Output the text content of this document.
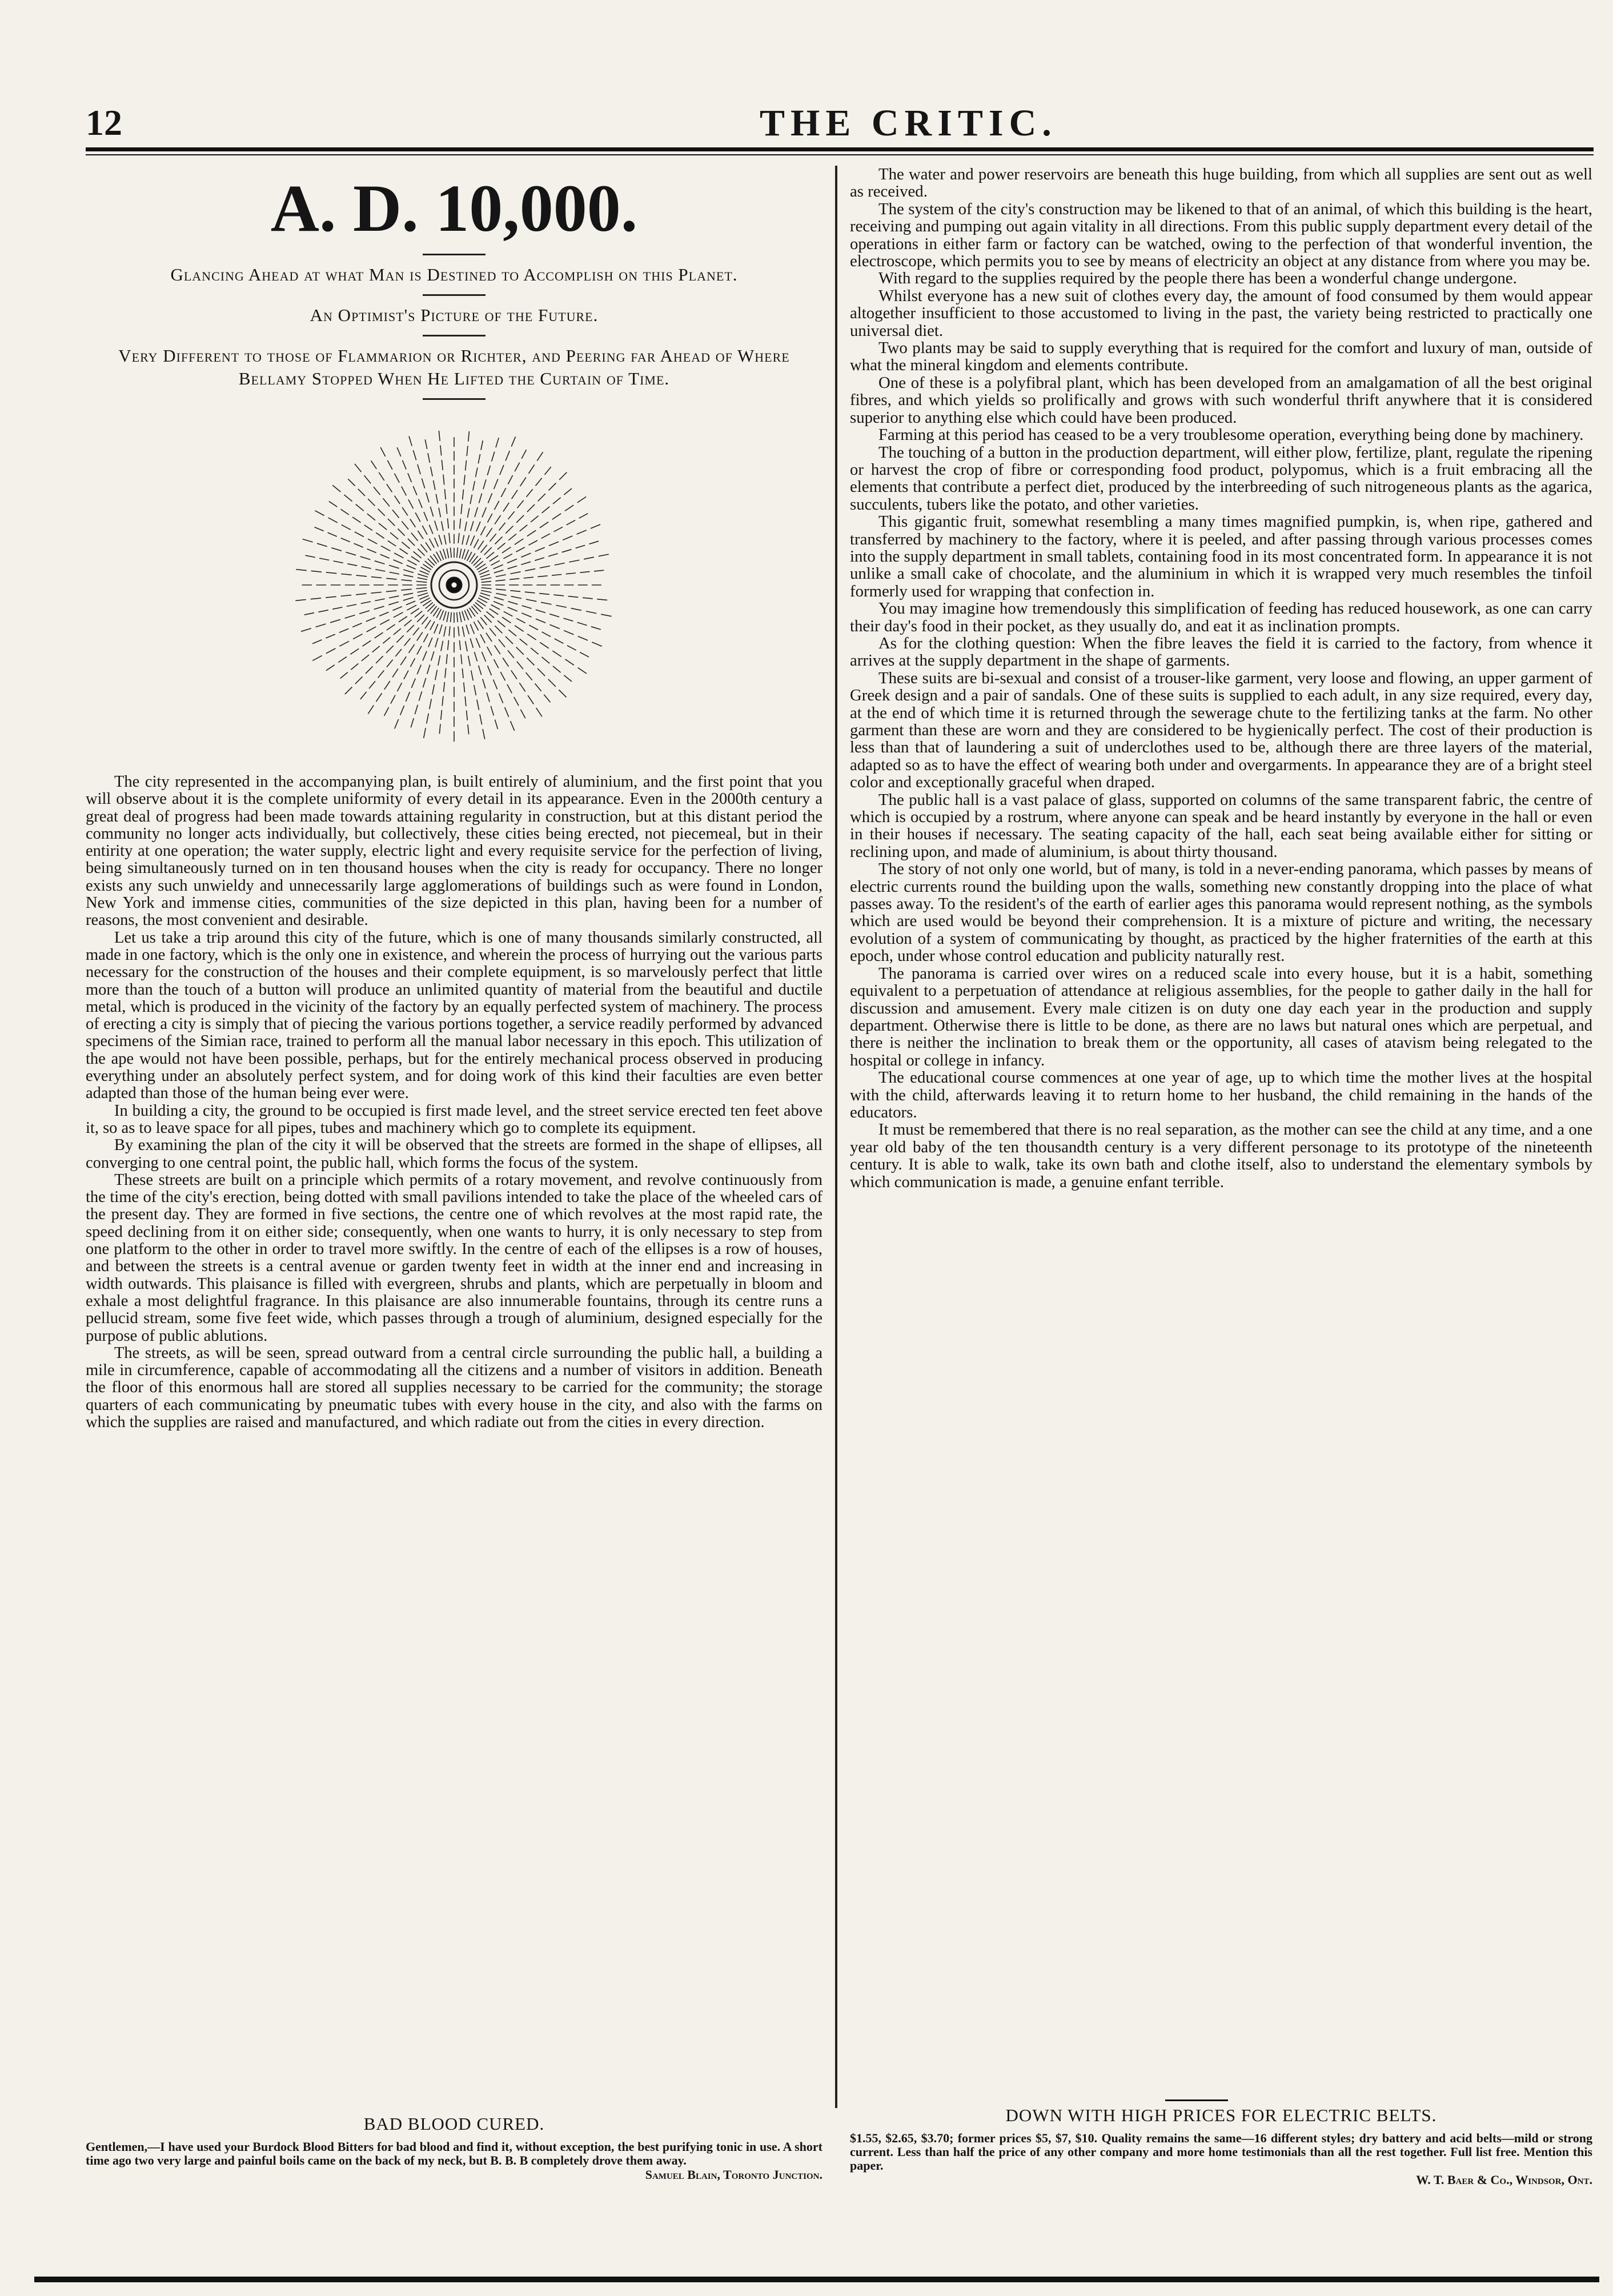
12	THE CRITIC.
A. D. 10,000.

Glancing Ahead at what Man is Destined to Accomplish on this Planet.

An Optimist's Picture of the Future.

Very Different to those of Flammarion or Richter, and Peering far Ahead of Where Bellamy Stopped When He Lifted the Curtain of Time.

The city represented in the accompanying plan, is built entirely of aluminium, and the first point that you will observe about it is the complete uniformity of every detail in its appearance. Even in the 2000th century a great deal of progress had been made towards attaining regularity in construction, but at this distant period the community no longer acts individually, but collectively, these cities being erected, not piecemeal, but in their entirity at one operation; the water supply, electric light and every requisite service for the perfection of living, being simultaneously turned on in ten thousand houses when the city is ready for occupancy. There no longer exists any such unwieldy and unnecessarily large agglomerations of buildings such as were found in London, New York and immense cities, communities of the size depicted in this plan, having been for a number of reasons, the most convenient and desirable.

Let us take a trip around this city of the future, which is one of many thousands similarly constructed, all made in one factory, which is the only one in existence, and wherein the process of hurrying out the various parts necessary for the construction of the houses and their complete equipment, is so marvelously perfect that little more than the touch of a button will produce an unlimited quantity of material from the beautiful and ductile metal, which is produced in the vicinity of the factory by an equally perfected system of machinery. The process of erecting a city is simply that of piecing the various portions together, a service readily performed by advanced specimens of the Simian race, trained to perform all the manual labor necessary in this epoch. This utilization of the ape would not have been possible, perhaps, but for the entirely mechanical process observed in producing everything under an absolutely perfect system, and for doing work of this kind their faculties are even better adapted than those of the human being ever were.

In building a city, the ground to be occupied is first made level, and the street service erected ten feet above it, so as to leave space for all pipes, tubes and machinery which go to complete its equipment.

By examining the plan of the city it will be observed that the streets are formed in the shape of ellipses, all converging to one central point, the public hall, which forms the focus of the system.

These streets are built on a principle which permits of a rotary movement, and revolve continuously from the time of the city's erection, being dotted with small pavilions intended to take the place of the wheeled cars of the present day. They are formed in five sections, the centre one of which revolves at the most rapid rate, the speed declining from it on either side; consequently, when one wants to hurry, it is only necessary to step from one platform to the other in order to travel more swiftly. In the centre of each of the ellipses is a row of houses, and between the streets is a central avenue or garden twenty feet in width at the inner end and increasing in width outwards. This plaisance is filled with evergreen, shrubs and plants, which are perpetually in bloom and exhale a most delightful fragrance. In this plaisance are also innumerable fountains, through its centre runs a pellucid stream, some five feet wide, which passes through a trough of aluminium, designed especially for the purpose of public ablutions.

The streets, as will be seen, spread outward from a central circle surrounding the public hall, a building a mile in circumference, capable of accommodating all the citizens and a number of visitors in addition. Beneath the floor of this enormous hall are stored all supplies necessary to be carried for the community; the storage quarters of each communicating by pneumatic tubes with every house in the city, and also with the farms on which the supplies are raised and manufactured, and which radiate out from the cities in every direction.

The water and power reservoirs are beneath this huge building, from which all supplies are sent out as well as received.

The system of the city's construction may be likened to that of an animal, of which this building is the heart, receiving and pumping out again vitality in all directions. From this public supply department every detail of the operations in either farm or factory can be watched, owing to the perfection of that wonderful invention, the electroscope, which permits you to see by means of electricity an object at any distance from where you may be.

With regard to the supplies required by the people there has been a wonderful change undergone.

Whilst everyone has a new suit of clothes every day, the amount of food consumed by them would appear altogether insufficient to those accustomed to living in the past, the variety being restricted to practically one universal diet.

Two plants may be said to supply everything that is required for the comfort and luxury of man, outside of what the mineral kingdom and elements contribute.

One of these is a polyfibral plant, which has been developed from an amalgamation of all the best original fibres, and which yields so prolifically and grows with such wonderful thrift anywhere that it is considered superior to anything else which could have been produced.

Farming at this period has ceased to be a very troublesome operation, everything being done by machinery.

The touching of a button in the production department, will either plow, fertilize, plant, regulate the ripening or harvest the crop of fibre or corresponding food product, polypomus, which is a fruit embracing all the elements that contribute a perfect diet, produced by the interbreeding of such nitrogeneous plants as the agarica, succulents, tubers like the potato, and other varieties.

This gigantic fruit, somewhat resembling a many times magnified pumpkin, is, when ripe, gathered and transferred by machinery to the factory, where it is peeled, and after passing through various processes comes into the supply department in small tablets, containing food in its most concentrated form. In appearance it is not unlike a small cake of chocolate, and the aluminium in which it is wrapped very much resembles the tinfoil formerly used for wrapping that confection in.

You may imagine how tremendously this simplification of feeding has reduced housework, as one can carry their day's food in their pocket, as they usually do, and eat it as inclination prompts.

As for the clothing question: When the fibre leaves the field it is carried to the factory, from whence it arrives at the supply department in the shape of garments.

These suits are bi-sexual and consist of a trouser-like garment, very loose and flowing, an upper garment of Greek design and a pair of sandals. One of these suits is supplied to each adult, in any size required, every day, at the end of which time it is returned through the sewerage chute to the fertilizing tanks at the farm. No other garment than these are worn and they are considered to be hygienically perfect. The cost of their production is less than that of laundering a suit of underclothes used to be, although there are three layers of the material, adapted so as to have the effect of wearing both under and overgarments. In appearance they are of a bright steel color and exceptionally graceful when draped.

The public hall is a vast palace of glass, supported on columns of the same transparent fabric, the centre of which is occupied by a rostrum, where anyone can speak and be heard instantly by everyone in the hall or even in their houses if necessary. The seating capacity of the hall, each seat being available either for sitting or reclining upon, and made of aluminium, is about thirty thousand.

The story of not only one world, but of many, is told in a never-ending panorama, which passes by means of electric currents round the building upon the walls, something new constantly dropping into the place of what passes away. To the resident's of the earth of earlier ages this panorama would represent nothing, as the symbols which are used would be beyond their comprehension. It is a mixture of picture and writing, the necessary evolution of a system of communicating by thought, as practiced by the higher fraternities of the earth at this epoch, under whose control education and publicity naturally rest.

The panorama is carried over wires on a reduced scale into every house, but it is a habit, something equivalent to a perpetuation of attendance at religious assemblies, for the people to gather daily in the hall for discussion and amusement. Every male citizen is on duty one day each year in the production and supply department. Otherwise there is little to be done, as there are no laws but natural ones which are perpetual, and there is neither the inclination to break them or the opportunity, all cases of atavism being relegated to the hospital or college in infancy.

The educational course commences at one year of age, up to which time the mother lives at the hospital with the child, afterwards leaving it to return home to her husband, the child remaining in the hands of the educators.

It must be remembered that there is no real separation, as the mother can see the child at any time, and a one year old baby of the ten thousandth century is a very different personage to its prototype of the nineteenth century. It is able to walk, take its own bath and clothe itself, also to understand the elementary symbols by which communication is made, a genuine enfant terrible.

BAD BLOOD CURED.

Gentlemen,—I have used your Burdock Blood Bitters for bad blood and find it, without exception, the best purifying tonic in use. A short time ago two very large and painful boils came on the back of my neck, but B. B. B completely drove them away.

Samuel Blain, Toronto Junction.

DOWN WITH HIGH PRICES FOR ELECTRIC BELTS.

$1.55, $2.65, $3.70; former prices $5, $7, $10. Quality remains the same—16 different styles; dry battery and acid belts—mild or strong current. Less than half the price of any other company and more home testimonials than all the rest together. Full list free. Mention this paper.

W. T. Baer & Co., Windsor, Ont.
